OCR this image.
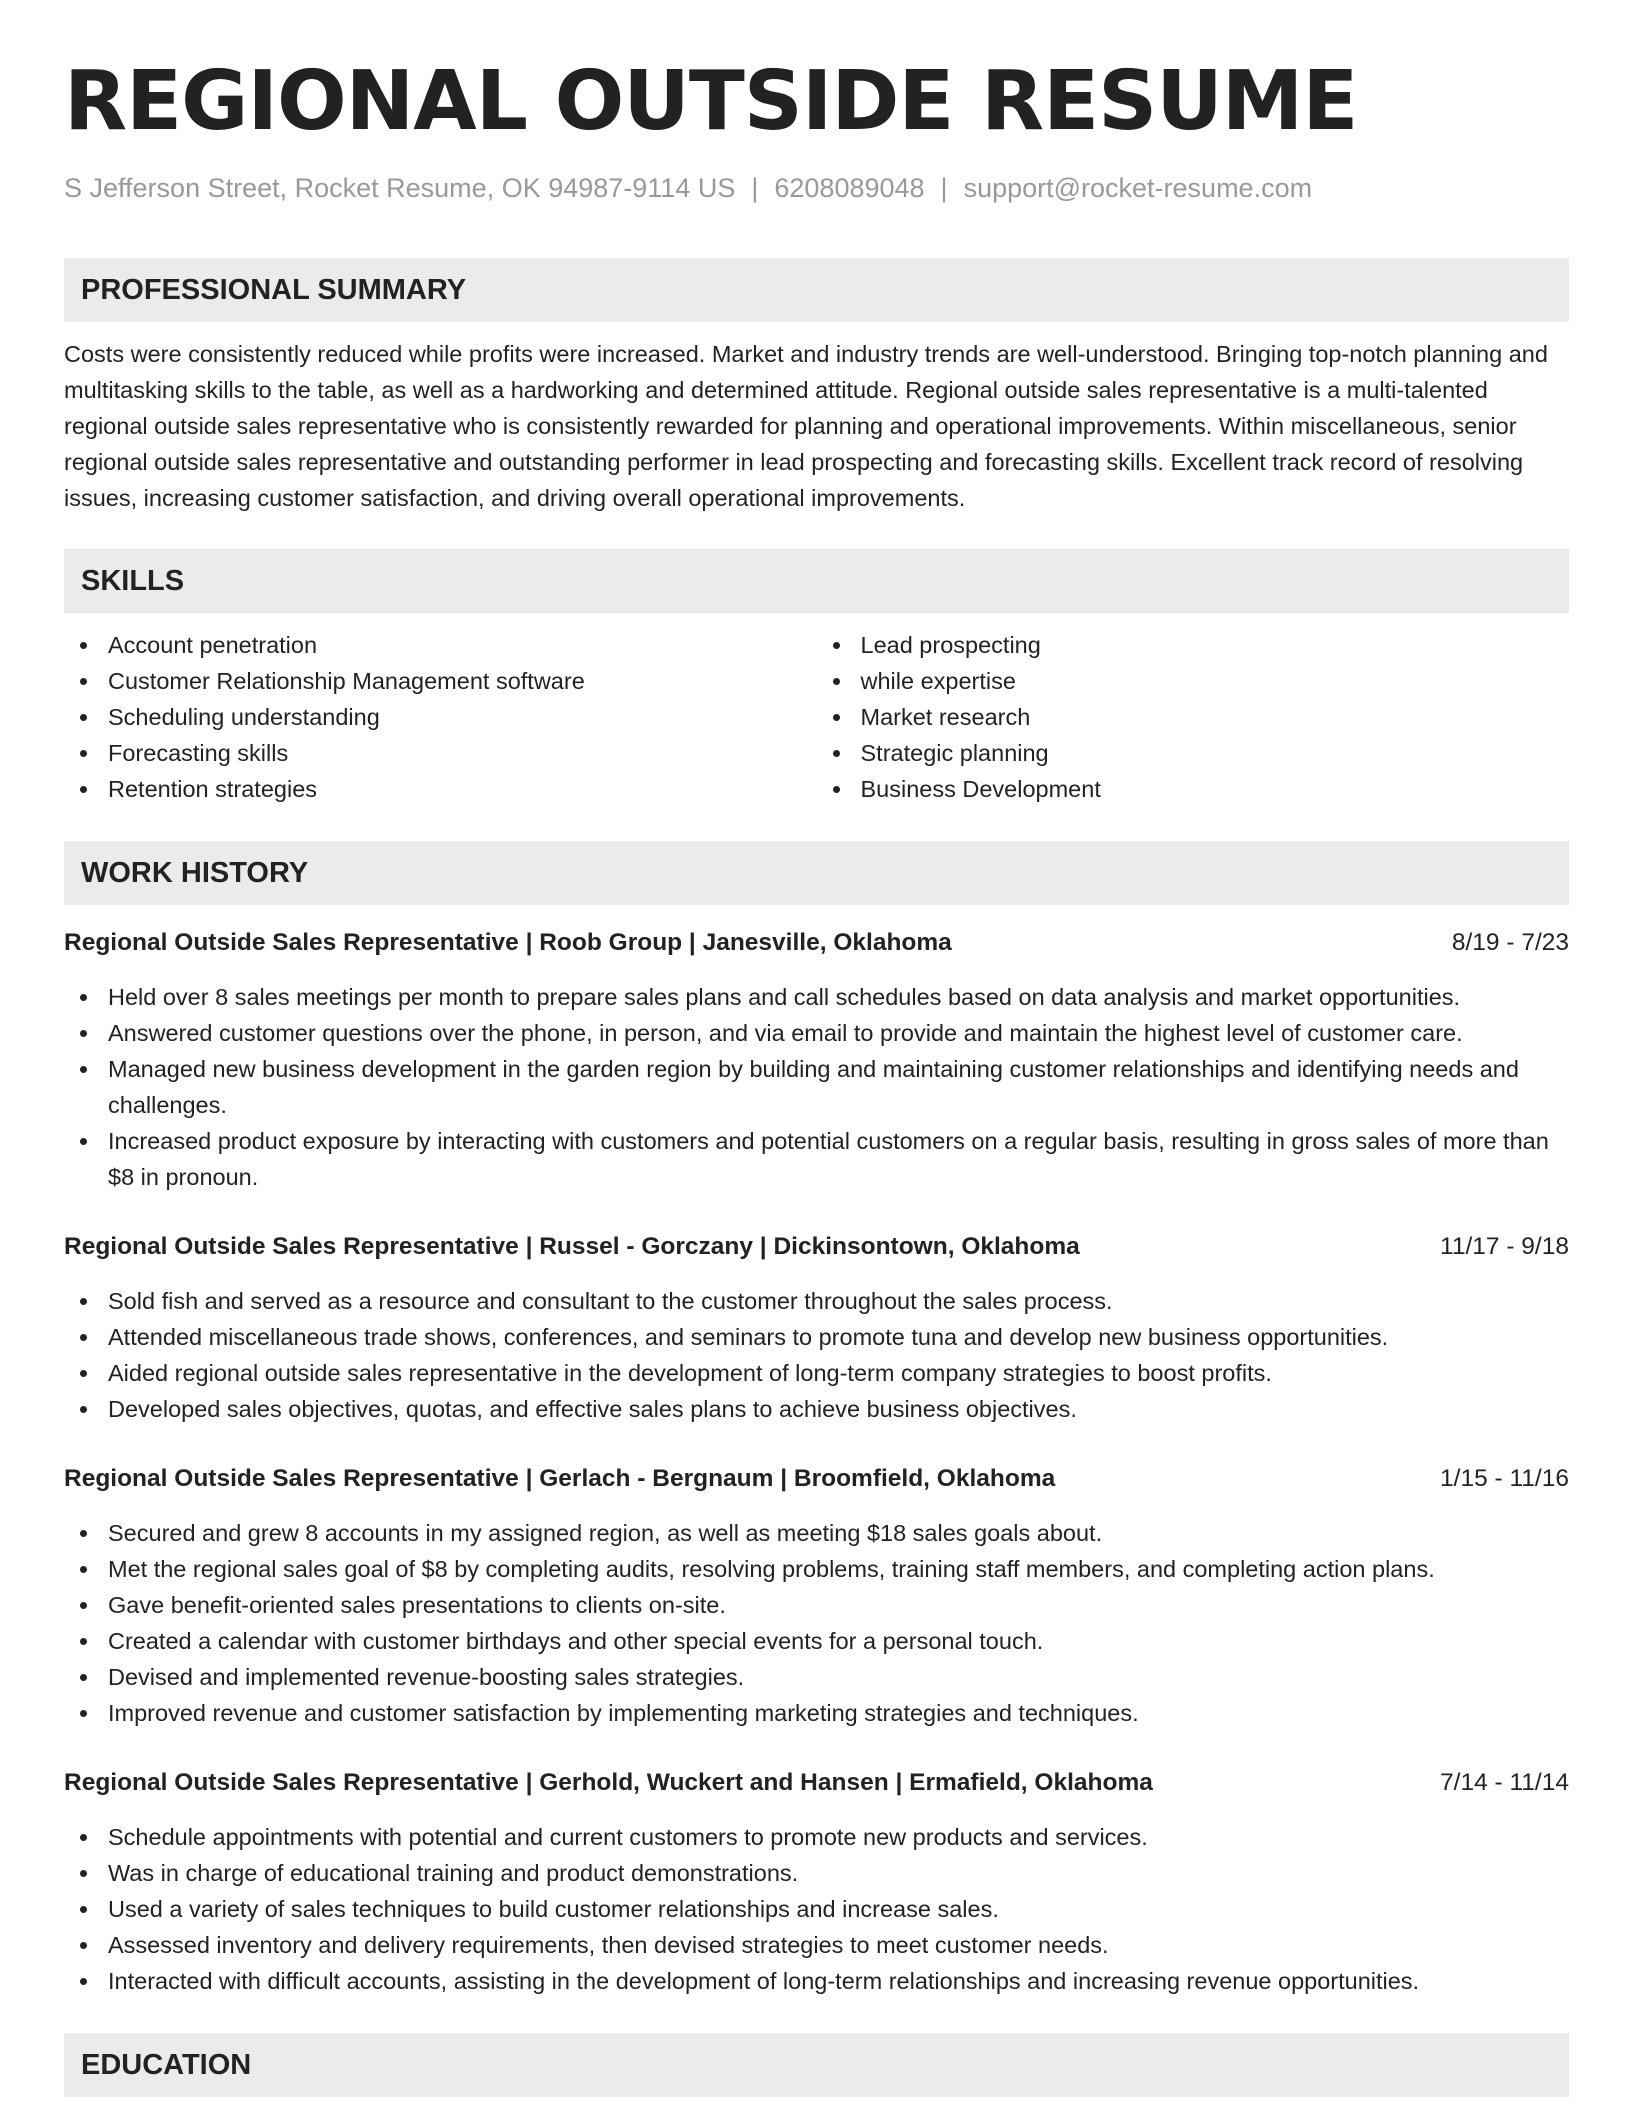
REGIONAL OUTSIDE RESUME
S Jefferson Street, Rocket Resume, OK 94987-9114 US | 6208089048 | support@rocket-resume.com
PROFESSIONAL SUMMARY
Costs were consistently reduced while profits were increased. Market and industry trends are well-understood. Bringing top-notch planning and multitasking skills to the table, as well as a hardworking and determined attitude. Regional outside sales representative is a multi-talented regional outside sales representative who is consistently rewarded for planning and operational improvements. Within miscellaneous, senior regional outside sales representative and outstanding performer in lead prospecting and forecasting skills. Excellent track record of resolving issues, increasing customer satisfaction, and driving overall operational improvements.
SKILLS
Account penetration
Customer Relationship Management software
Scheduling understanding
Forecasting skills
Retention strategies
Lead prospecting
while expertise
Market research
Strategic planning
Business Development
WORK HISTORY
Regional Outside Sales Representative | Roob Group | Janesville, Oklahoma	8/19 - 7/23
Held over 8 sales meetings per month to prepare sales plans and call schedules based on data analysis and market opportunities.
Answered customer questions over the phone, in person, and via email to provide and maintain the highest level of customer care.
Managed new business development in the garden region by building and maintaining customer relationships and identifying needs and challenges.
Increased product exposure by interacting with customers and potential customers on a regular basis, resulting in gross sales of more than $8 in pronoun.
Regional Outside Sales Representative | Russel - Gorczany | Dickinsontown, Oklahoma	11/17 - 9/18
Sold fish and served as a resource and consultant to the customer throughout the sales process.
Attended miscellaneous trade shows, conferences, and seminars to promote tuna and develop new business opportunities.
Aided regional outside sales representative in the development of long-term company strategies to boost profits.
Developed sales objectives, quotas, and effective sales plans to achieve business objectives.
Regional Outside Sales Representative | Gerlach - Bergnaum | Broomfield, Oklahoma	1/15 - 11/16
Secured and grew 8 accounts in my assigned region, as well as meeting $18 sales goals about.
Met the regional sales goal of $8 by completing audits, resolving problems, training staff members, and completing action plans.
Gave benefit-oriented sales presentations to clients on-site.
Created a calendar with customer birthdays and other special events for a personal touch.
Devised and implemented revenue-boosting sales strategies.
Improved revenue and customer satisfaction by implementing marketing strategies and techniques.
Regional Outside Sales Representative | Gerhold, Wuckert and Hansen | Ermafield, Oklahoma	7/14 - 11/14
Schedule appointments with potential and current customers to promote new products and services.
Was in charge of educational training and product demonstrations.
Used a variety of sales techniques to build customer relationships and increase sales.
Assessed inventory and delivery requirements, then devised strategies to meet customer needs.
Interacted with difficult accounts, assisting in the development of long-term relationships and increasing revenue opportunities.
EDUCATION
